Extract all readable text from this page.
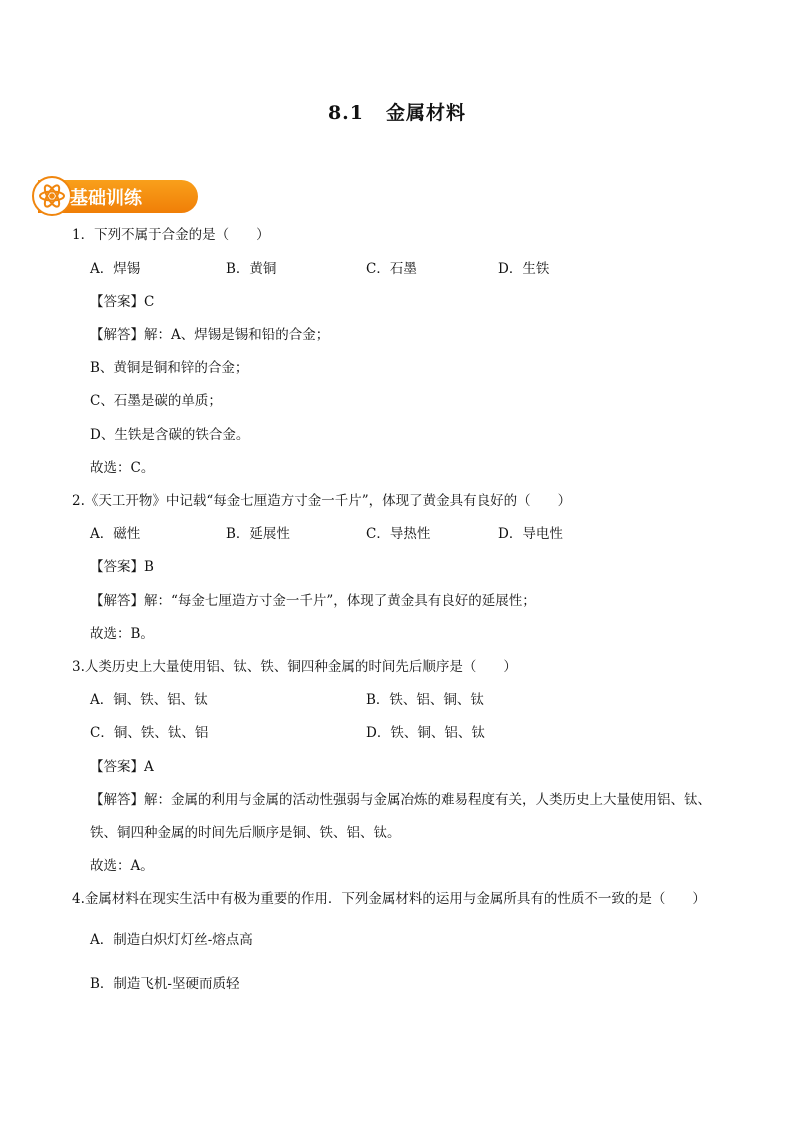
8.1 金属材料
基础训练
1．下列不属于合金的是（　　）
A．焊锡	B．黄铜	C．石墨	D．生铁
【答案】C
【解答】解：A、焊锡是锡和铅的合金；
B、黄铜是铜和锌的合金；
C、石墨是碳的单质；
D、生铁是含碳的铁合金。
故选：C。
2.《天工开物》中记载“每金七厘造方寸金一千片”，体现了黄金具有良好的（　　）
A．磁性	B．延展性	C．导热性	D．导电性
【答案】B
【解答】解：“每金七厘造方寸金一千片”，体现了黄金具有良好的延展性；
故选：B。
3.人类历史上大量使用铝、钛、铁、铜四种金属的时间先后顺序是（　　）
A．铜、铁、铝、钛	B．铁、铝、铜、钛
C．铜、铁、钛、铝	D．铁、铜、铝、钛
【答案】A
【解答】解：金属的利用与金属的活动性强弱与金属冶炼的难易程度有关，人类历史上大量使用铝、钛、
铁、铜四种金属的时间先后顺序是铜、铁、铝、钛。
故选：A。
4.金属材料在现实生活中有极为重要的作用．下列金属材料的运用与金属所具有的性质不一致的是（　　）
A．制造白炽灯灯丝-熔点高
B．制造飞机-坚硬而质轻
